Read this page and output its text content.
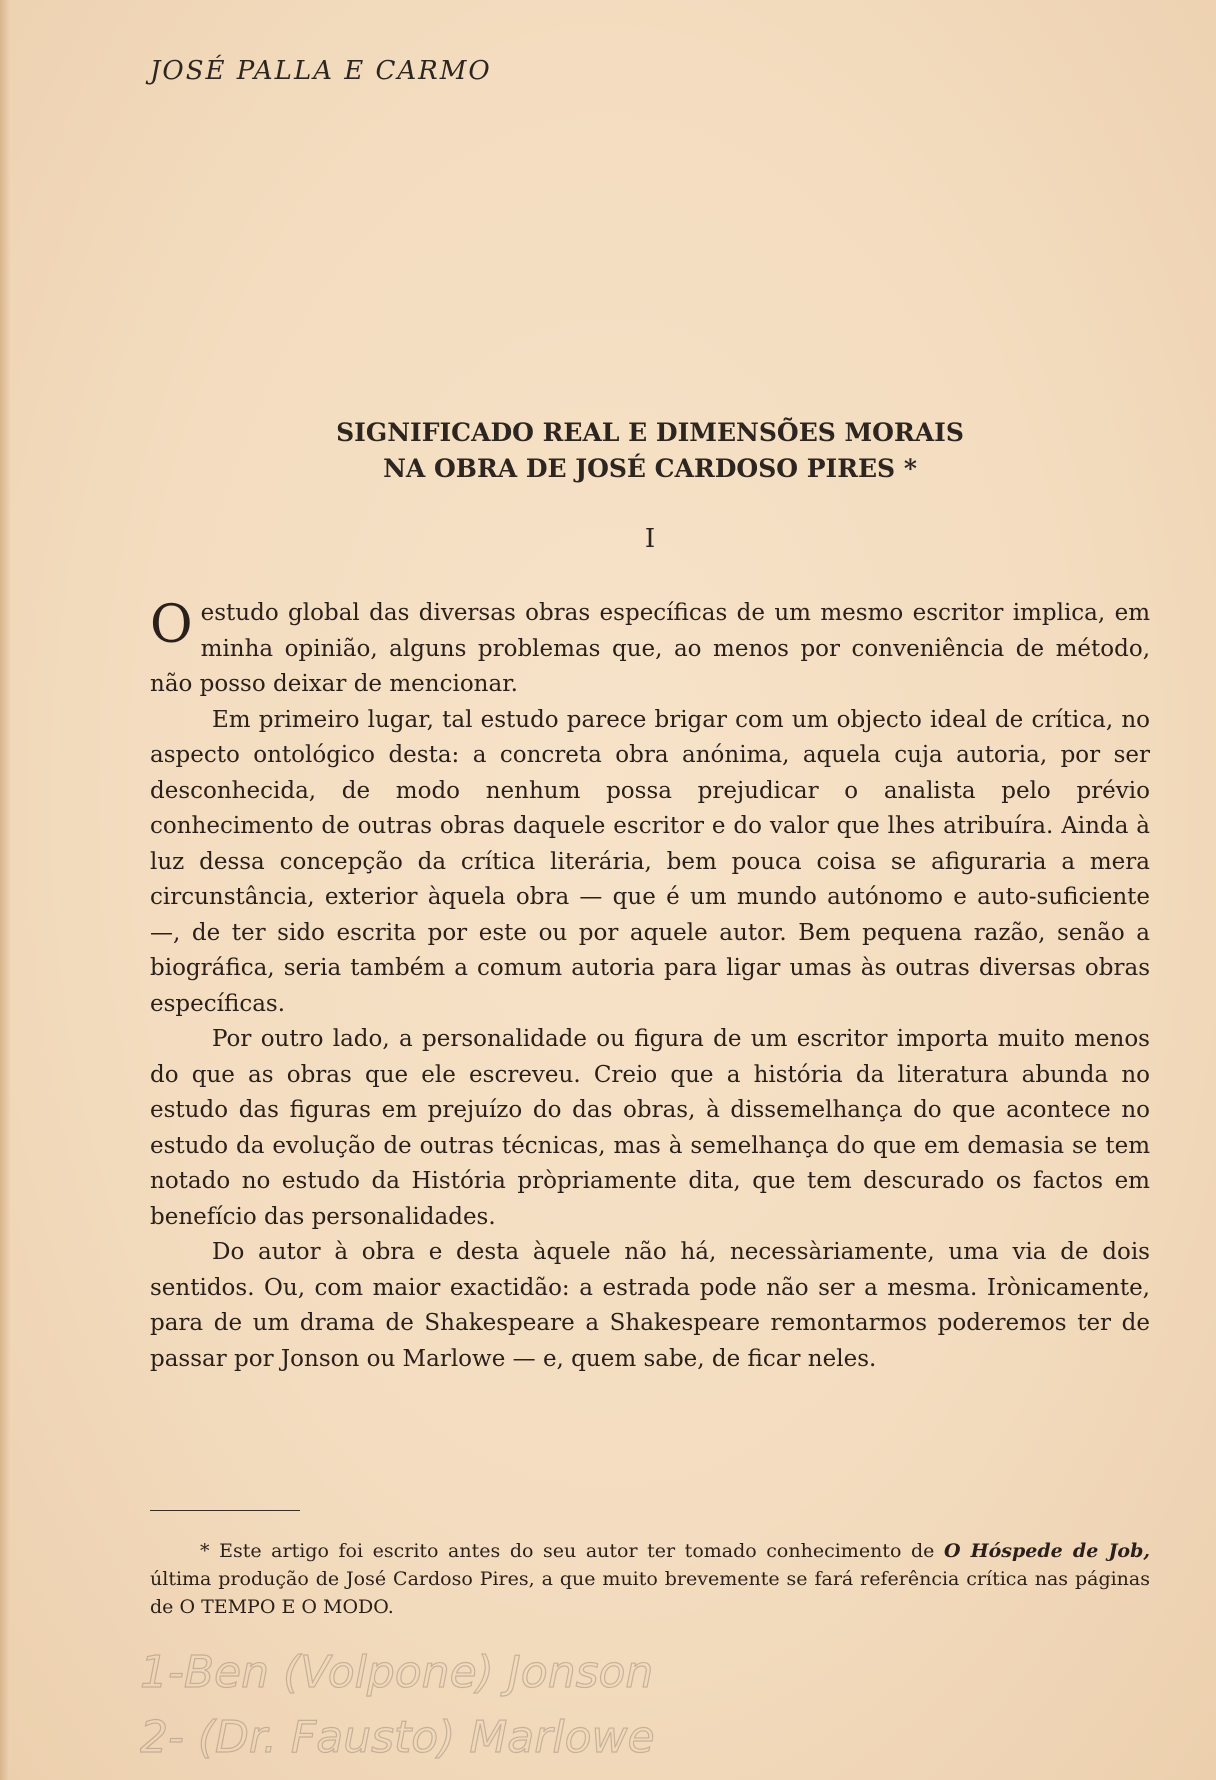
JOSÉ PALLA E CARMO
SIGNIFICADO REAL E DIMENSÕES MORAIS
NA OBRA DE JOSÉ CARDOSO PIRES *
I

Oestudo global das diversas obras específicas de um mesmo escritor implica, em minha opinião, alguns problemas que, ao menos por conveniência de método, não posso deixar de mencionar.

Em primeiro lugar, tal estudo parece brigar com um objecto ideal de crítica, no aspecto ontológico desta: a concreta obra anónima, aquela cuja autoria, por ser desconhecida, de modo nenhum possa prejudicar o analista pelo prévio conhecimento de outras obras daquele escritor e do valor que lhes atribuíra. Ainda à luz dessa concepção da crítica literária, bem pouca coisa se afiguraria a mera circunstância, exterior àquela obra — que é um mundo autónomo e auto-suficiente —, de ter sido escrita por este ou por aquele autor. Bem pequena razão, senão a biográfica, seria também a comum autoria para ligar umas às outras diversas obras específicas.

Por outro lado, a personalidade ou figura de um escritor importa muito menos do que as obras que ele escreveu. Creio que a história da literatura abunda no estudo das figuras em prejuízo do das obras, à dissemelhança do que acontece no estudo da evolução de outras técnicas, mas à semelhança do que em demasia se tem notado no estudo da História pròpriamente dita, que tem descurado os factos em benefício das personalidades.

Do autor à obra e desta àquele não há, necessàriamente, uma via de dois sentidos. Ou, com maior exactidão: a estrada pode não ser a mesma. Irònicamente, para de um drama de Shakespeare a Shakespeare remontarmos poderemos ter de passar por Jonson ou Marlowe — e, quem sabe, de ficar neles.

* Este artigo foi escrito antes do seu autor ter tomado conhecimento de O Hóspede de Job, última produção de José Cardoso Pires, a que muito brevemente se fará referência crítica nas páginas de O TEMPO E O MODO.
1-Ben (Volpone) Jonson
2- (Dr. Fausto) Marlowe
